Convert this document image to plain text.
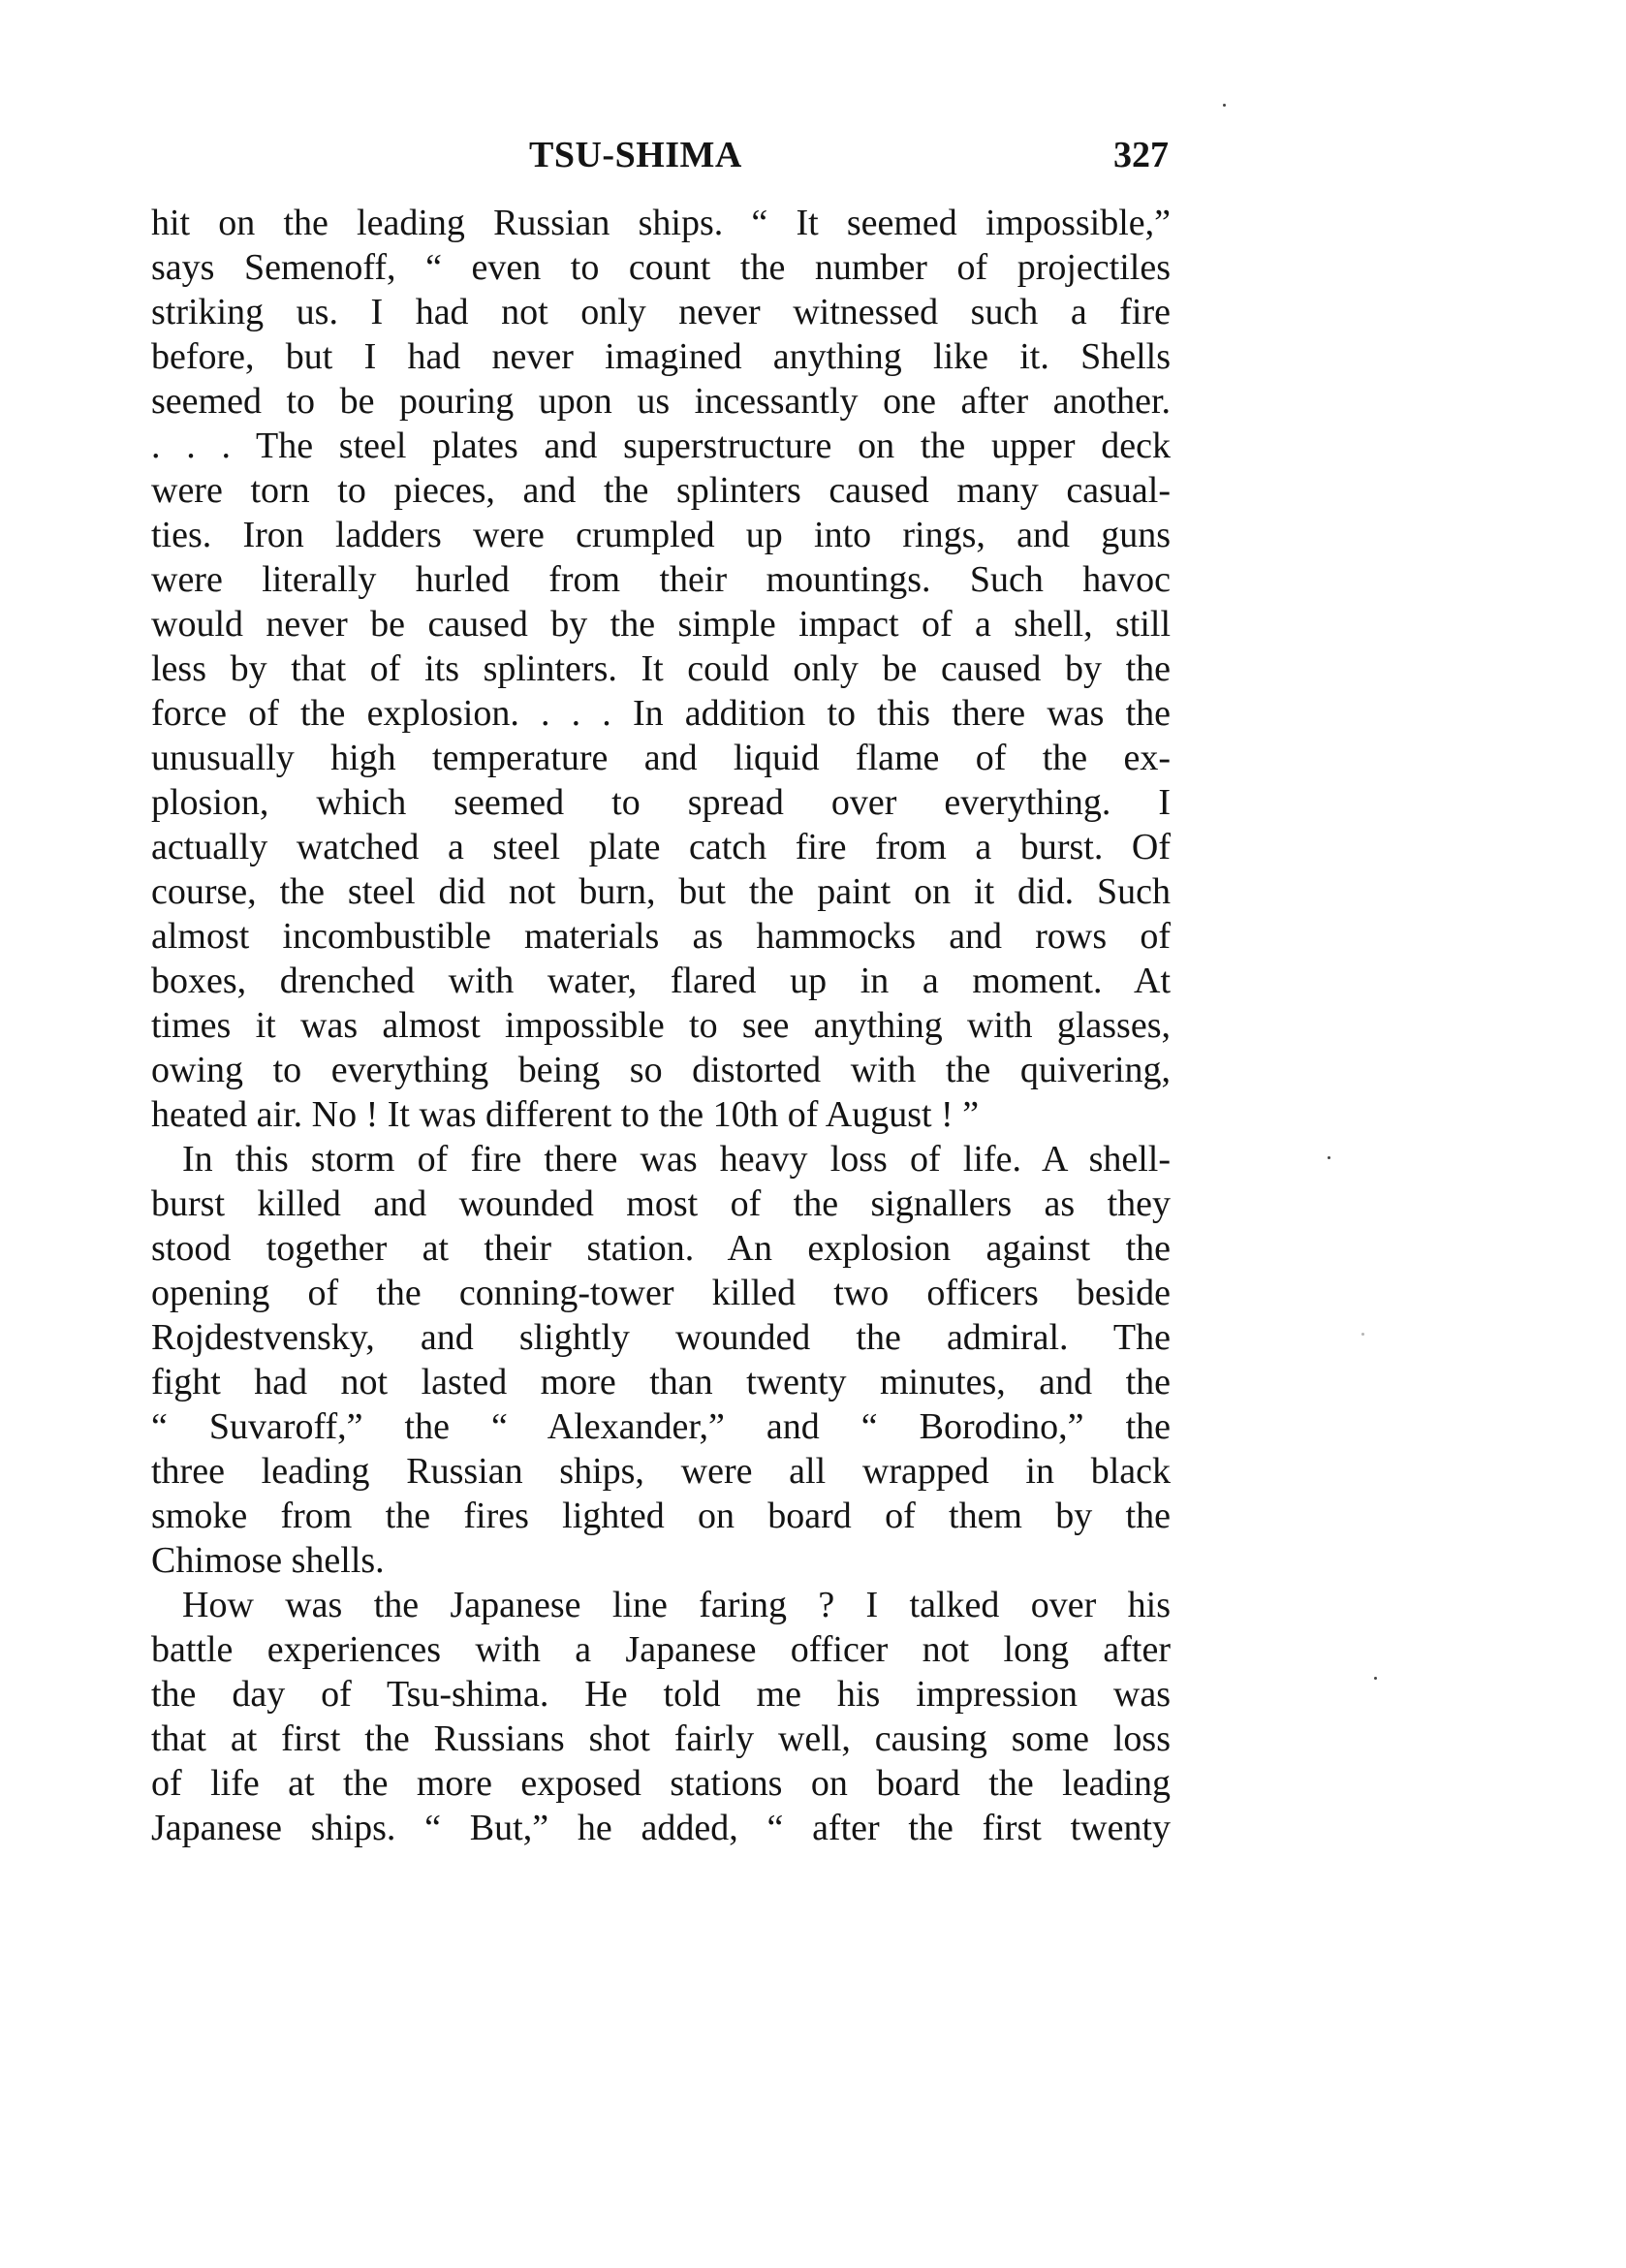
TSU-SHIMA	327
hit on the leading Russian ships. “ It seemed impossible,”
says Semenoff, “ even to count the number of projectiles
striking us. I had not only never witnessed such a fire
before, but I had never imagined anything like it. Shells
seemed to be pouring upon us incessantly one after another.
. . . The steel plates and superstructure on the upper deck
were torn to pieces, and the splinters caused many casual-
ties. Iron ladders were crumpled up into rings, and guns
were literally hurled from their mountings. Such havoc
would never be caused by the simple impact of a shell, still
less by that of its splinters. It could only be caused by the
force of the explosion. . . . In addition to this there was the
unusually high temperature and liquid flame of the ex-
plosion, which seemed to spread over everything. I
actually watched a steel plate catch fire from a burst. Of
course, the steel did not burn, but the paint on it did. Such
almost incombustible materials as hammocks and rows of
boxes, drenched with water, flared up in a moment. At
times it was almost impossible to see anything with glasses,
owing to everything being so distorted with the quivering,
heated air. No ! It was different to the 10th of August ! ”
In this storm of fire there was heavy loss of life. A shell-
burst killed and wounded most of the signallers as they
stood together at their station. An explosion against the
opening of the conning-tower killed two officers beside
Rojdestvensky, and slightly wounded the admiral. The
fight had not lasted more than twenty minutes, and the
“ Suvaroff,” the “ Alexander,” and “ Borodino,” the
three leading Russian ships, were all wrapped in black
smoke from the fires lighted on board of them by the
Chimose shells.
How was the Japanese line faring ? I talked over his
battle experiences with a Japanese officer not long after
the day of Tsu-shima. He told me his impression was
that at first the Russians shot fairly well, causing some loss
of life at the more exposed stations on board the leading
Japanese ships. “ But,” he added, “ after the first twenty
